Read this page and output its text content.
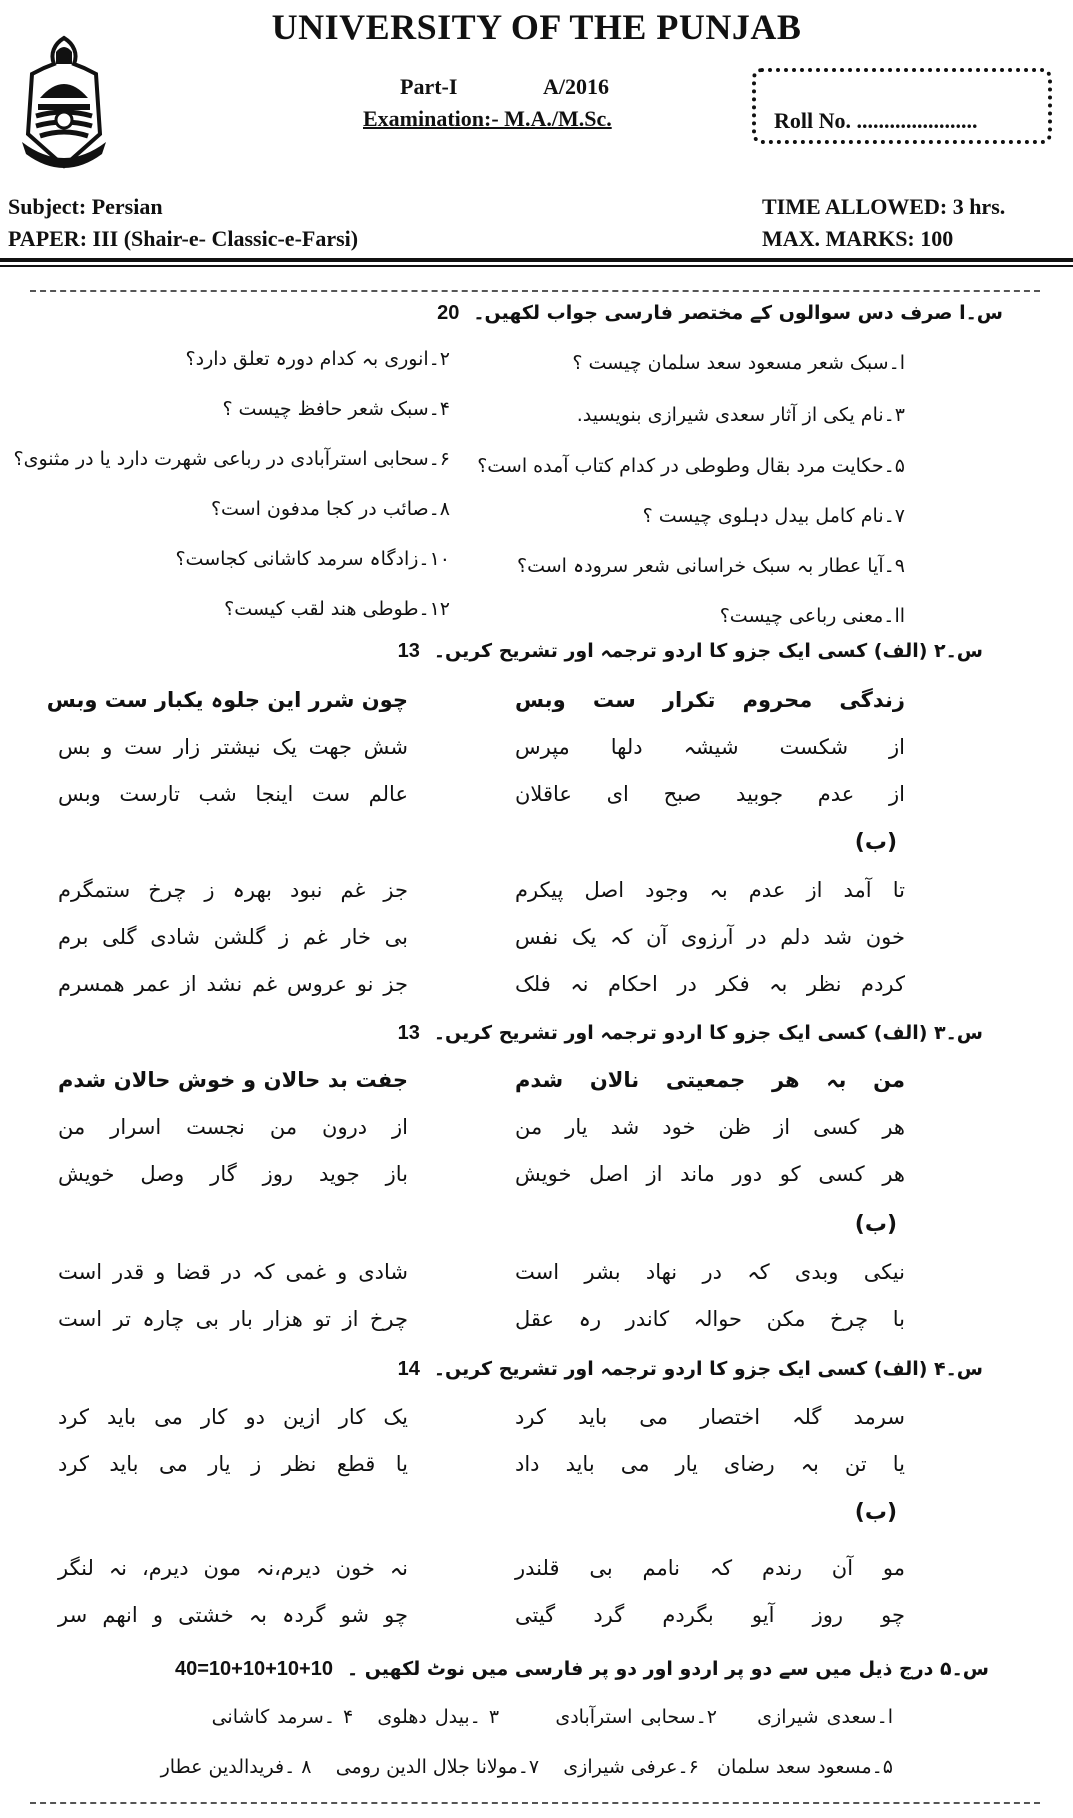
UNIVERSITY OF THE PUNJAB
Part-I	A/2016
Examination:- M.A./M.Sc.	Roll No. ......................
Subject: Persian
PAPER: III (Shair-e- Classic-e-Farsi)
TIME ALLOWED: 3 hrs.
MAX. MARKS: 100
س۔ا صرف دس سوالوں کے مختصر فارسی جواب لکھیں۔20
ا۔سبک شعر مسعود سعد سلمان چیست ؟
۳۔نام یکی از آثار سعدی شیرازی بنویسید.
۵۔حکایت مرد بقال وطوطی در کدام کتاب آمده است؟
۷۔نام کامل بیدل دہلوی چیست ؟
۹۔آیا عطار بہ سبک خراسانی شعر سرودہ است؟
اا۔معنی رباعی چیست؟
۲۔انوری بہ کدام دورہ تعلق دارد؟
۴۔سبک شعر حافظ چیست ؟
۶۔سحابی استرآبادی در رباعی شهرت دارد یا در مثنوی؟
۸۔صائب در کجا مدفون است؟
۱۰۔زادگاہ سرمد کاشانی کجاست؟
۱۲۔طوطی هند لقب کیست؟
س۔۲ (الف) کسی ایک جزو کا اردو ترجمہ اور تشریح کریں۔13
زندگی محروم تکرار ست وبس
از شکست شیشہ دلها مپرس
از عدم جوبید صبح ای عاقلان
چون شرر این جلوہ یکبار ست وبس
شش جهت یک نیشتر زار ست و بس
عالم ست اینجا شب تارست وبس
(ب)
تا آمد از عدم بہ وجود اصل پیکرم
خون شد دلم در آرزوی آن کہ یک نفس
کردم نظر بہ فکر در احکام نہ فلک
جز غم نبود بهرہ ز چرخ ستمگرم
بی خار غم ز گلشن شادی گلی برم
جز نو عروس غم نشد از عمر همسرم
س۔۳ (الف) کسی ایک جزو کا اردو ترجمہ اور تشریح کریں۔13
من بہ هر جمعیتی نالان شدم
هر کسی از ظن خود شد یار من
هر کسی کو دور ماند از اصل خویش
جفت بد حالان و خوش حالان شدم
از درون من نجست اسرار من
باز جوید روز گار وصل خویش
(ب)
نیکی وبدی کہ در نهاد بشر است
با چرخ مکن حوالہ کاندر رہ عقل
شادی و غمی کہ در قضا و قدر است
چرخ از تو هزار بار بی چارہ تر است
س۔۴ (الف) کسی ایک جزو کا اردو ترجمہ اور تشریح کریں۔14
سرمد گلہ اختصار می باید کرد
یا تن بہ رضای یار می باید داد
یک کار ازین دو کار می باید کرد
یا قطع نظر ز یار می باید کرد
(ب)
مو آن رندم کہ نامم بی قلندر
چو روز آیو بگردم گرد گیتی
نہ خون دیرم،نہ مون دیرم، نہ لنگر
چو شو گردہ بہ خشتی و انهم سر
س۔۵ درج ذیل میں سے دو پر اردو اور دو پر فارسی میں نوٹ لکھیں ۔40=10+10+10+10
ا۔سعدی شیرازی     ۲۔سحابی استرآبادی       ۳ ۔بیدل دهلوی   ۴ ۔سرمد کاشانی
۵۔مسعود سعد سلمان   ۶۔عرفی شیرازی    ۷۔مولانا جلال الدین رومی    ۸ ۔فریدالدین عطار
